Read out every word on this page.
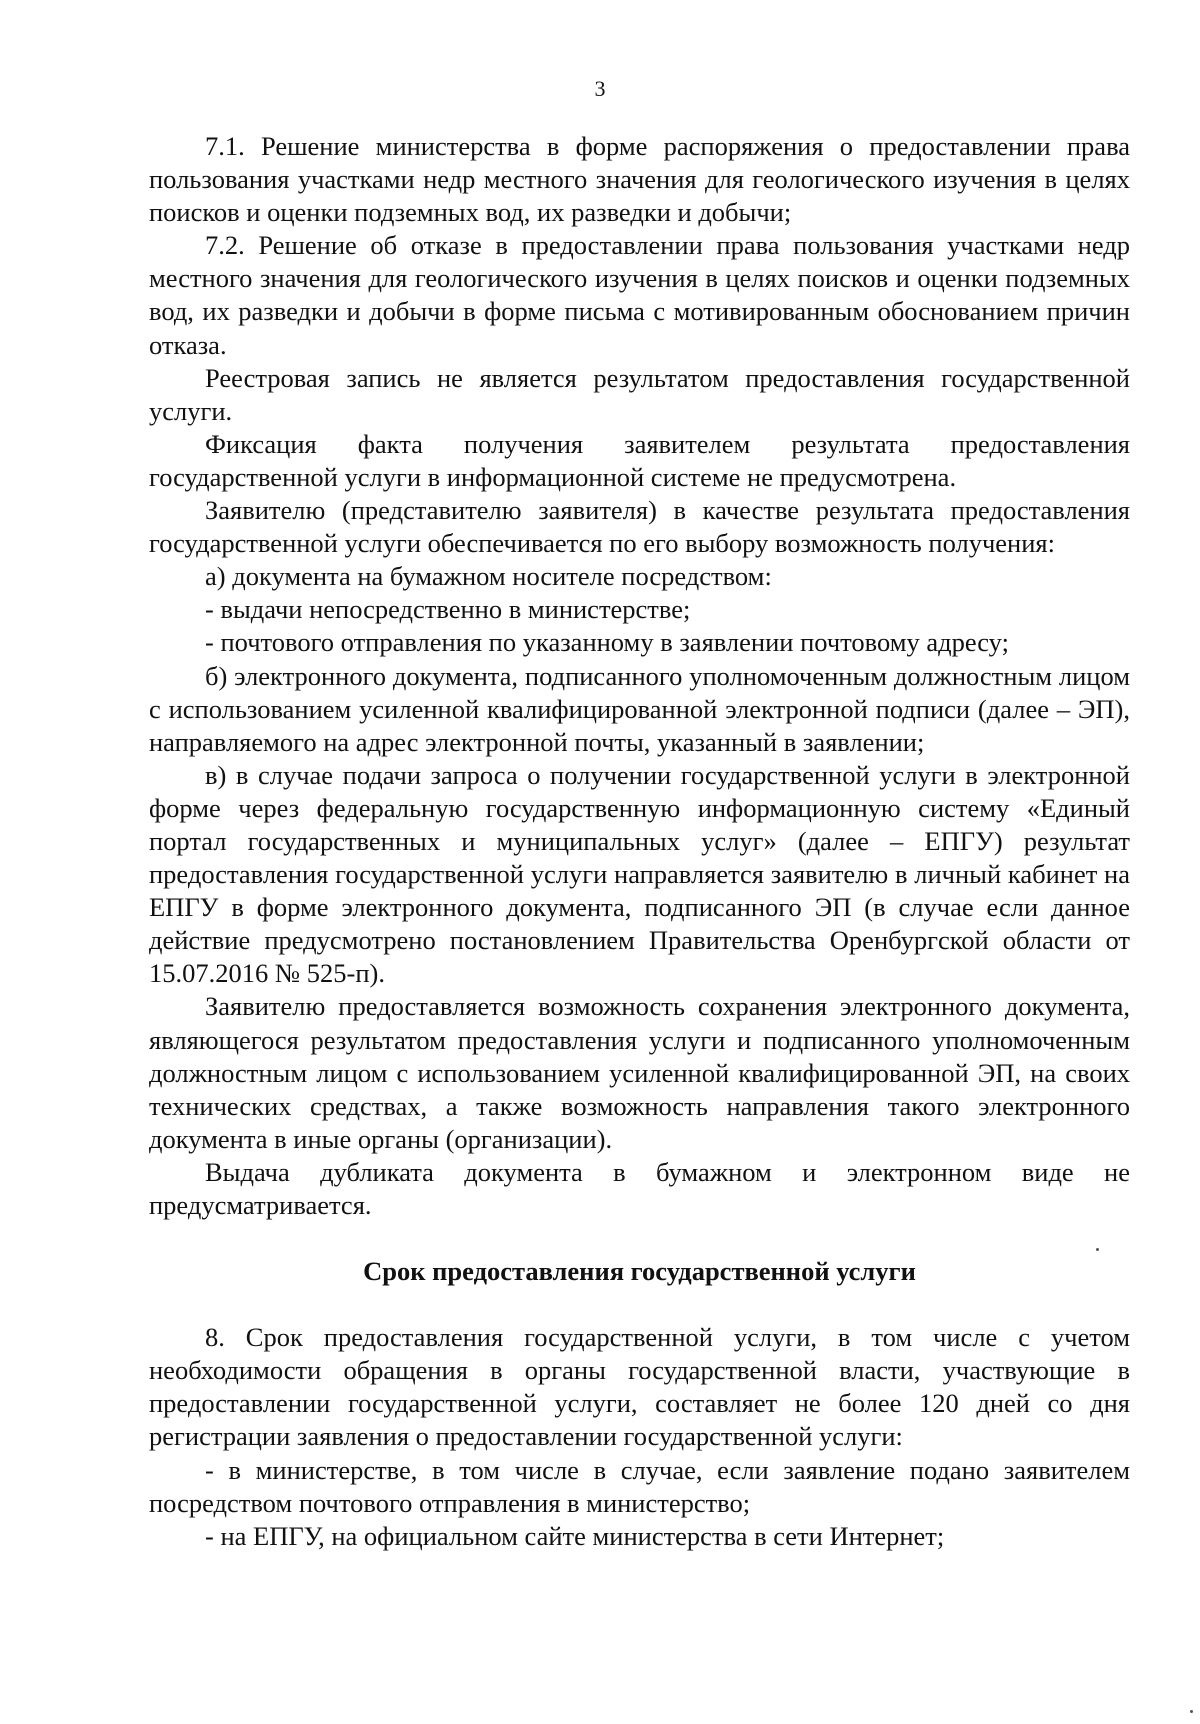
3

7.1. Решение министерства в форме распоряжения о предоставлении права пользования участками недр местного значения для геологического изучения в целях поисков и оценки подземных вод, их разведки и добычи;

7.2. Решение об отказе в предоставлении права пользования участками недр местного значения для геологического изучения в целях поисков и оценки подземных вод, их разведки и добычи в форме письма с мотивированным обоснованием причин отказа.

Реестровая запись не является результатом предоставления государственной услуги.

Фиксация факта получения заявителем результата предоставления государственной услуги в информационной системе не предусмотрена.

Заявителю (представителю заявителя) в качестве результата предоставления государственной услуги обеспечивается по его выбору возможность получения:

а) документа на бумажном носителе посредством:

- выдачи непосредственно в министерстве;

- почтового отправления по указанному в заявлении почтовому адресу;

б) электронного документа, подписанного уполномоченным должностным лицом с использованием усиленной квалифицированной электронной подписи (далее – ЭП), направляемого на адрес электронной почты, указанный в заявлении;

в) в случае подачи запроса о получении государственной услуги в электронной форме через федеральную государственную информационную систему «Единый портал государственных и муниципальных услуг» (далее – ЕПГУ) результат предоставления государственной услуги направляется заявителю в личный кабинет на ЕПГУ в форме электронного документа, подписанного ЭП (в случае если данное действие предусмотрено постановлением Правительства Оренбургской области от 15.07.2016 № 525-п).

Заявителю предоставляется возможность сохранения электронного документа, являющегося результатом предоставления услуги и подписанного уполномоченным должностным лицом с использованием усиленной квалифицированной ЭП, на своих технических средствах, а также возможность направления такого электронного документа в иные органы (организации).

Выдача дубликата документа в бумажном и электронном виде не предусматривается.

Срок предоставления государственной услуги

8. Срок предоставления государственной услуги, в том числе с учетом необходимости обращения в органы государственной власти, участвующие в предоставлении государственной услуги, составляет не более 120 дней со дня регистрации заявления о предоставлении государственной услуги:

- в министерстве, в том числе в случае, если заявление подано заявителем посредством почтового отправления в министерство;

- на ЕПГУ, на официальном сайте министерства в сети Интернет;
